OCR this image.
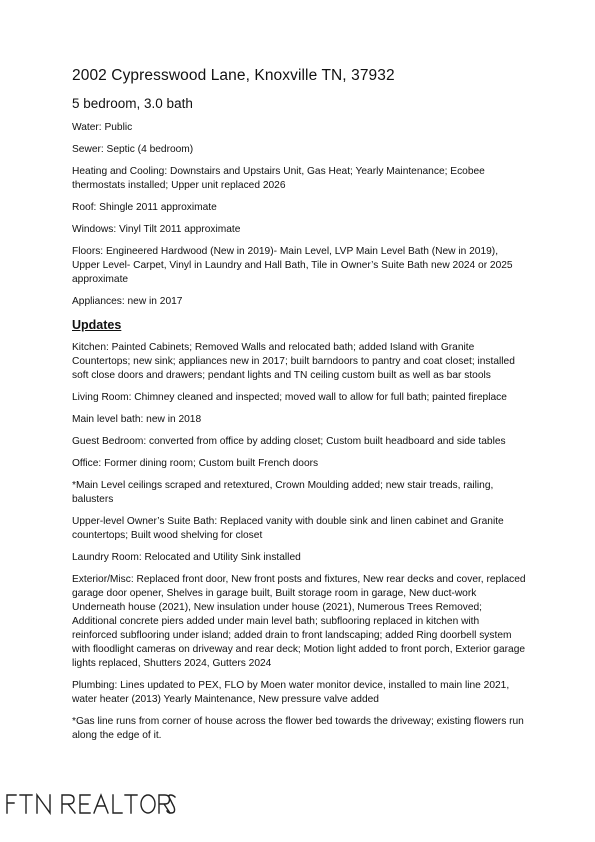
2002 Cypresswood Lane, Knoxville TN, 37932
5 bedroom, 3.0 bath

Water: Public

Sewer: Septic (4 bedroom)

Heating and Cooling: Downstairs and Upstairs Unit, Gas Heat; Yearly Maintenance; Ecobee thermostats installed; Upper unit replaced 2026

Roof: Shingle 2011 approximate

Windows: Vinyl Tilt 2011 approximate

Floors: Engineered Hardwood (New in 2019)- Main Level, LVP Main Level Bath (New in 2019), Upper Level- Carpet, Vinyl in Laundry and Hall Bath, Tile in Owner’s Suite Bath new 2024 or 2025 approximate

Appliances: new in 2017

Updates

Kitchen: Painted Cabinets; Removed Walls and relocated bath; added Island with Granite Countertops; new sink; appliances new in 2017; built barndoors to pantry and coat closet; installed soft close doors and drawers; pendant lights and TN ceiling custom built as well as bar stools

Living Room: Chimney cleaned and inspected; moved wall to allow for full bath; painted fireplace

Main level bath: new in 2018

Guest Bedroom: converted from office by adding closet; Custom built headboard and side tables

Office: Former dining room; Custom built French doors

*Main Level ceilings scraped and retextured, Crown Moulding added; new stair treads, railing, balusters

Upper-level Owner’s Suite Bath: Replaced vanity with double sink and linen cabinet and Granite countertops; Built wood shelving for closet

Laundry Room: Relocated and Utility Sink installed

Exterior/Misc: Replaced front door, New front posts and fixtures, New rear decks and cover, replaced garage door opener, Shelves in garage built, Built storage room in garage, New duct-work Underneath house (2021), New insulation under house (2021), Numerous Trees Removed; Additional concrete piers added under main level bath; subflooring replaced in kitchen with reinforced subflooring under island; added drain to front landscaping; added Ring doorbell system with floodlight cameras on driveway and rear deck; Motion light added to front porch, Exterior garage lights replaced, Shutters 2024, Gutters 2024

Plumbing: Lines updated to PEX, FLO by Moen water monitor device, installed to main line 2021, water heater (2013) Yearly Maintenance, New pressure valve added

*Gas line runs from corner of house across the flower bed towards the driveway; existing flowers run along the edge of it.
